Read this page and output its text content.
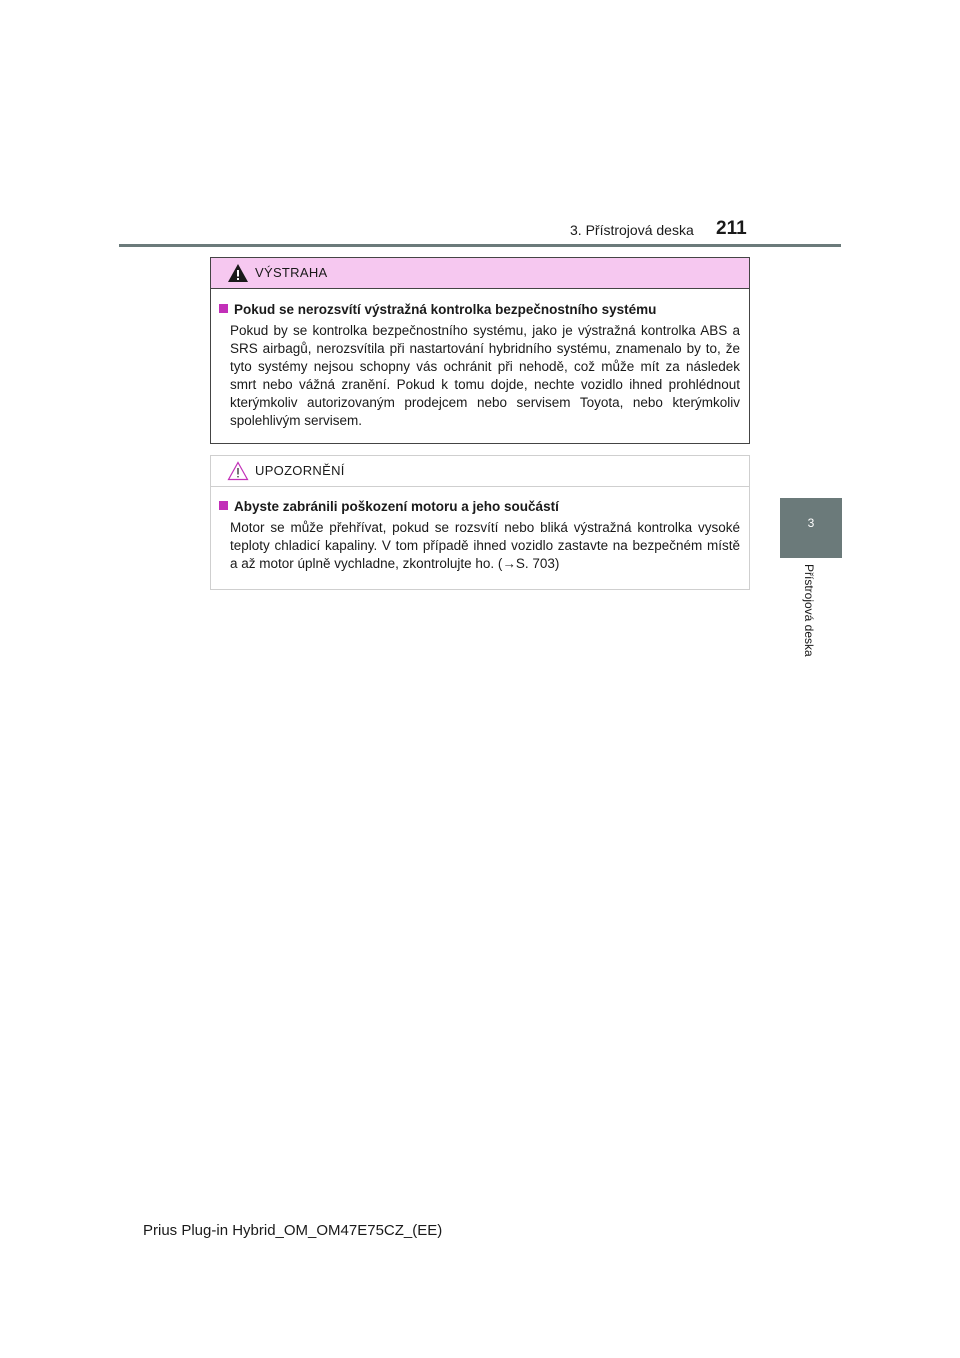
3. Přístrojová deska 211
3
Přístrojová deska
VÝSTRAHA
Pokud se nerozsvítí výstražná kontrolka bezpečnostního systému

Pokud by se kontrolka bezpečnostního systému, jako je výstražná kontrolka ABS a SRS airbagů, nerozsvítila při nastartování hybridního systému, znamenalo by to, že tyto systémy nejsou schopny vás ochránit při nehodě, což může mít za následek smrt nebo vážná zranění. Pokud k tomu dojde, nechte vozidlo ihned prohlédnout kterýmkoliv autorizovaným prodejcem nebo servisem Toyota, nebo kterýmkoliv spolehlivým servisem.

UPOZORNĚNÍ
Abyste zabránili poškození motoru a jeho součástí

Motor se může přehřívat, pokud se rozsvítí nebo bliká výstražná kontrolka vysoké teploty chladicí kapaliny. V tom případě ihned vozidlo zastavte na bezpečném místě a až motor úplně vychladne, zkontrolujte ho. (→S. 703)

Prius Plug-in Hybrid_OM_OM47E75CZ_(EE)
